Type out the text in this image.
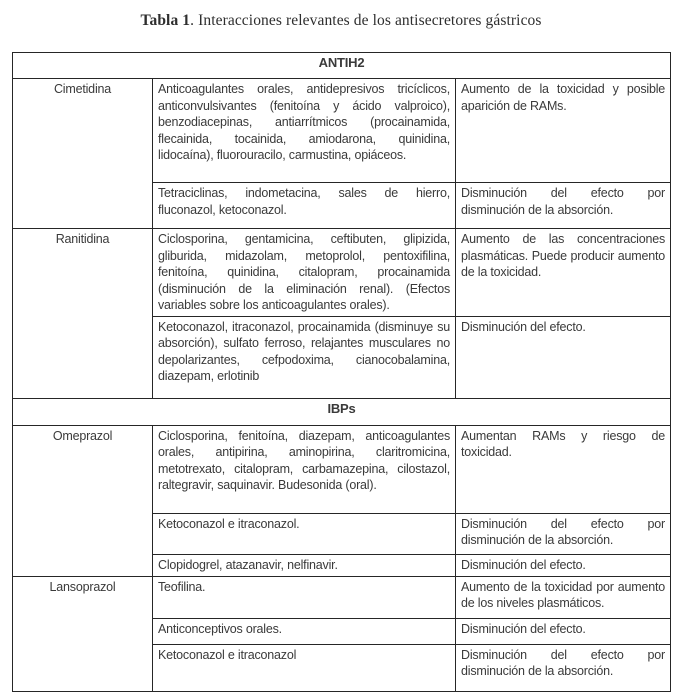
Tabla 1. Interacciones relevantes de los antisecretores gástricos
ANTIH2		
Cimetidina	Anticoagulantes orales, antidepresivos tricíclicos, anticonvulsivantes (fenitoína y ácido valproico), benzodiacepinas, antiarrítmicos (procainamida, flecainida, tocainida, amiodarona, quinidina, lidocaína), fluorouracilo, carmustina, opiáceos.	Aumento de la toxicidad y posible aparición de RAMs.
	Tetraciclinas, indometacina, sales de hierro, fluconazol, ketoconazol.	Disminución del efecto por disminución de la absorción.
Ranitidina	Ciclosporina, gentamicina, ceftibuten, glipizida, gliburida, midazolam, metoprolol, pentoxifilina, fenitoína, quinidina, citalopram, procainamida (disminución de la eliminación renal). (Efectos variables sobre los anticoagulantes orales).	Aumento de las concentraciones plasmáticas. Puede producir aumento de la toxicidad.
	Ketoconazol, itraconazol, procainamida (disminuye su absorción), sulfato ferroso, relajantes musculares no depolarizantes, cefpodoxima, cianocobalamina, diazepam, erlotinib	Disminución del efecto.
IBPs		
Omeprazol	Ciclosporina, fenitoína, diazepam, anticoagulantes orales, antipirina, aminopirina, claritromicina, metotrexato, citalopram, carbamazepina, cilostazol, raltegravir, saquinavir. Budesonida (oral).	Aumentan RAMs y riesgo de toxicidad.
	Ketoconazol e itraconazol.	Disminución del efecto por disminución de la absorción.
	Clopidogrel, atazanavir, nelfinavir.	Disminución del efecto.
Lansoprazol	Teofilina.	Aumento de la toxicidad por aumento de los niveles plasmáticos.
	Anticonceptivos orales.	Disminución del efecto.
	Ketoconazol e itraconazol	Disminución del efecto por disminución de la absorción.
